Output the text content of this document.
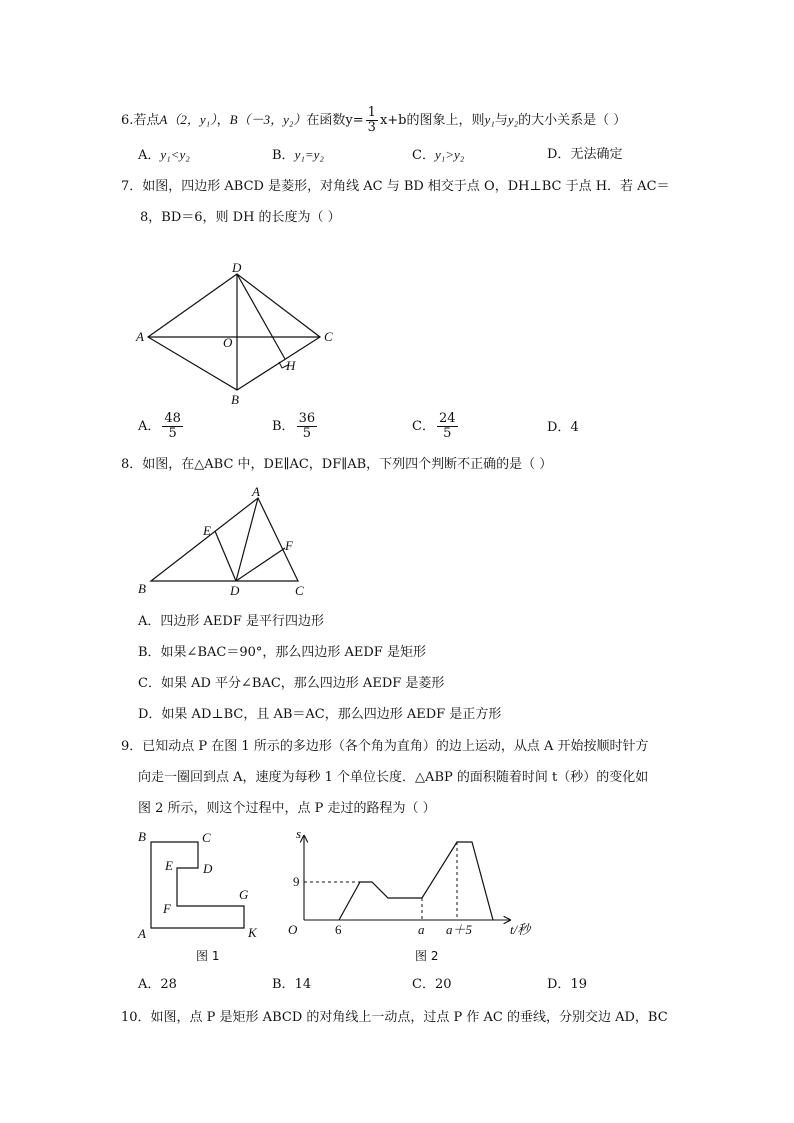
6.若点A（2，y₁），B（－3，y₂）在函数$y= \frac{1}{3} x+b$的图象上，则y₁与y₂的大小关系是（ ）
A．y₁<y₂	B．y₁=y₂	C．y₁>y₂	D．无法确定
7．如图，四边形 ABCD 是菱形，对角线 AC 与 BD 相交于点 O，DH⊥BC 于点 H．若 AC＝
8，BD＝6，则 DH 的长度为（ ）
D
A	C
O
H
B
A． $\frac{48}{5}$	B． $\frac{36}{5}$	C． $\frac{24}{5}$	D．4
8．如图，在△ABC 中，DE∥AC，DF∥AB，下列四个判断不正确的是（ ）
A
E
F
B	D	C
A．四边形 AEDF 是平行四边形
B．如果∠BAC＝90°，那么四边形 AEDF 是矩形
C．如果 AD 平分∠BAC，那么四边形 AEDF 是菱形
D．如果 AD⊥BC，且 AB＝AC，那么四边形 AEDF 是正方形
9．已知动点 P 在图 1 所示的多边形（各个角为直角）的边上运动，从点 A 开始按顺时针方
向走一圈回到点 A，速度为每秒 1 个单位长度．△ABP 的面积随着时间 t（秒）的变化如
图 2 所示，则这个过程中，点 P 走过的路程为（ ）
B	C
E D
G
F
A	K
图 1
s
9
O	6	a a＋5	t/秒
图 2
A．28	B．14	C．20	D．19
10．如图，点 P 是矩形 ABCD 的对角线上一动点，过点 P 作 AC 的垂线，分别交边 AD，BC
